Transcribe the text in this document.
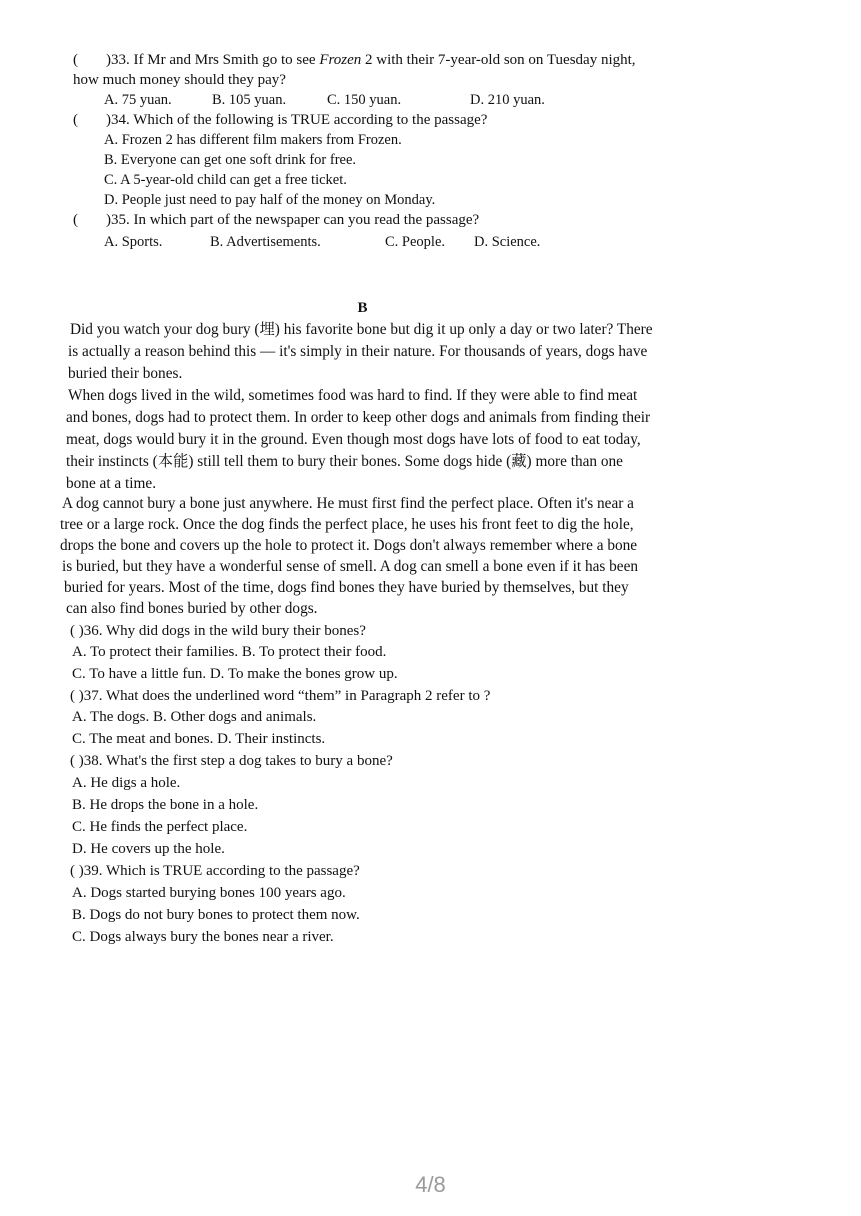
( )33. If Mr and Mrs Smith go to see Frozen 2 with their 7-year-old son on Tuesday night,
how much money should they pay?
A. 75 yuan.	B. 105 yuan.	C. 150 yuan.	D. 210 yuan.
( )34. Which of the following is TRUE according to the passage?
A. Frozen 2 has different film makers from Frozen.
B. Everyone can get one soft drink for free.
C. A 5-year-old child can get a free ticket.
D. People just need to pay half of the money on Monday.
( )35. In which part of the newspaper can you read the passage?
A. Sports.	B. Advertisements.	C. People. D. Science.
B
Did you watch your dog bury (埋) his favorite bone but dig it up only a day or two later? There
is actually a reason behind this — it's simply in their nature. For thousands of years, dogs have
buried their bones.
When dogs lived in the wild, sometimes food was hard to find. If they were able to find meat
and bones, dogs had to protect them. In order to keep other dogs and animals from finding their
meat, dogs would bury it in the ground. Even though most dogs have lots of food to eat today,
their instincts (本能) still tell them to bury their bones. Some dogs hide (藏) more than one
bone at a time.
A dog cannot bury a bone just anywhere. He must first find the perfect place. Often it's near a
tree or a large rock. Once the dog finds the perfect place, he uses his front feet to dig the hole,
drops the bone and covers up the hole to protect it. Dogs don't always remember where a bone
is buried, but they have a wonderful sense of smell. A dog can smell a bone even if it has been
buried for years. Most of the time, dogs find bones they have buried by themselves, but they
can also find bones buried by other dogs.
( )36. Why did dogs in the wild bury their bones?
A. To protect their families. B. To protect their food.
C. To have a little fun. D. To make the bones grow up.
( )37. What does the underlined word “them” in Paragraph 2 refer to ?
A. The dogs. B. Other dogs and animals.
C. The meat and bones. D. Their instincts.
( )38. What's the first step a dog takes to bury a bone?
A. He digs a hole.
B. He drops the bone in a hole.
C. He finds the perfect place.
D. He covers up the hole.
( )39. Which is TRUE according to the passage?
A. Dogs started burying bones 100 years ago.
B. Dogs do not bury bones to protect them now.
C. Dogs always bury the bones near a river.
4/8
